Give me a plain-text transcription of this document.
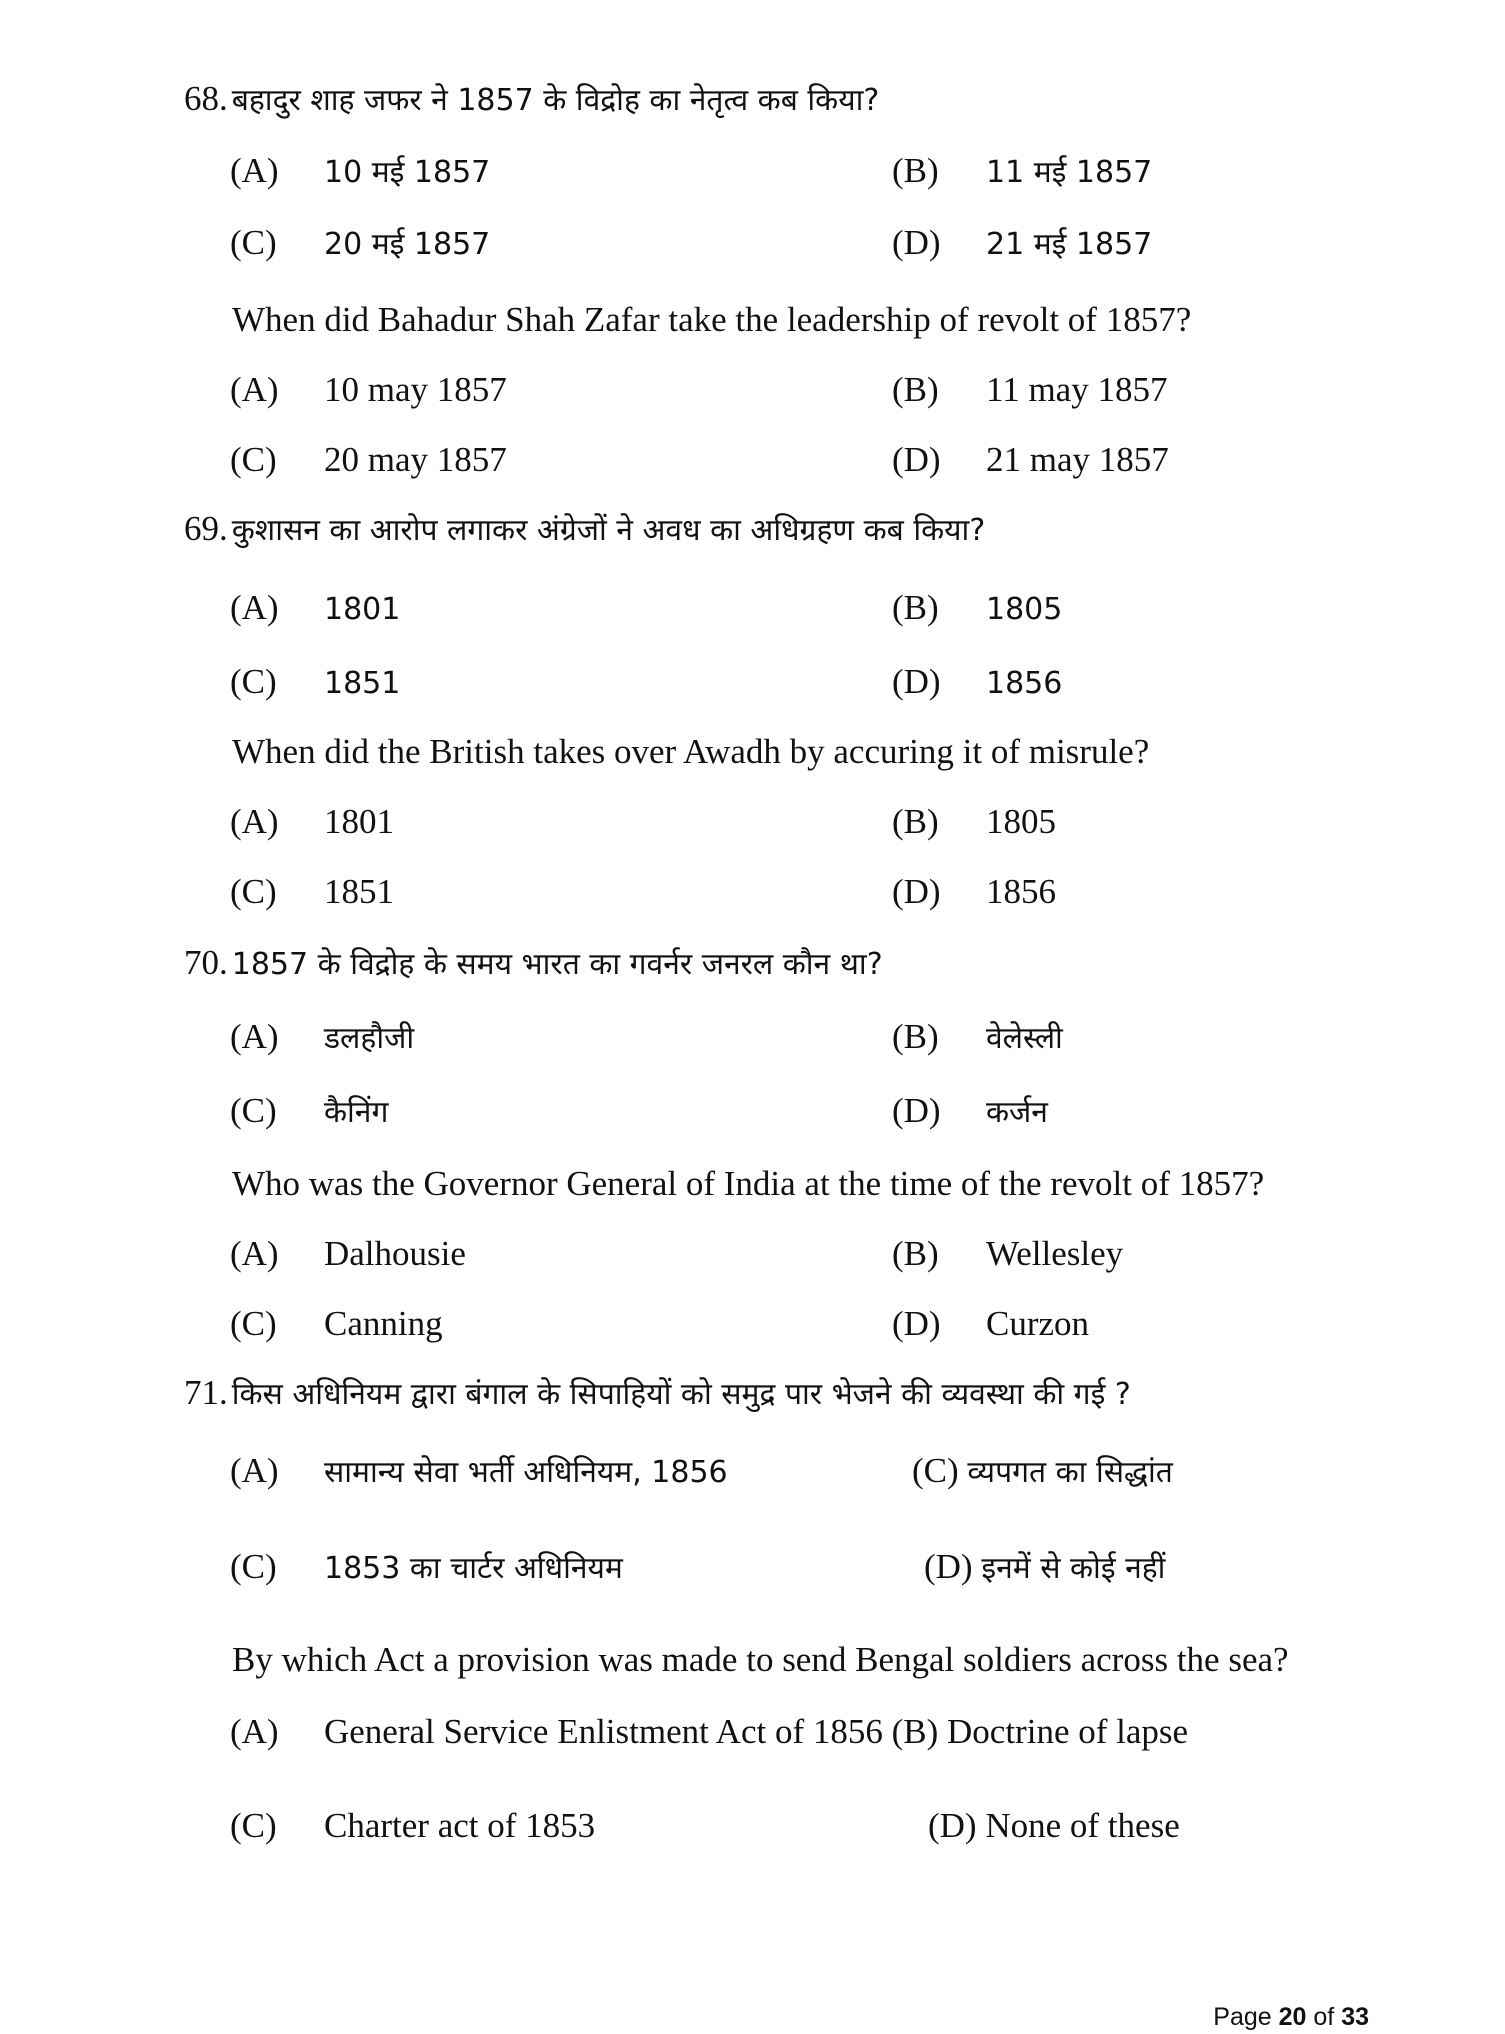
68. बहादुर शाह जफर ने 1857 के विद्रोह का नेतृत्व कब किया?
(A) 10 मई 1857	(B) 11 मई 1857
(C) 20 मई 1857	(D) 21 मई 1857
When did Bahadur Shah Zafar take the leadership of revolt of 1857?
(A) 10 may 1857	(B) 11 may 1857
(C) 20 may 1857	(D) 21 may 1857
69. कुशासन का आरोप लगाकर अंग्रेजों ने अवध का अधिग्रहण कब किया?
(A) 1801	(B) 1805
(C) 1851	(D) 1856
When did the British takes over Awadh by accuring it of misrule?
(A) 1801	(B) 1805
(C) 1851	(D) 1856
70. 1857 के विद्रोह के समय भारत का गवर्नर जनरल कौन था?
(A) डलहौजी	(B) वेलेस्ली
(C) कैनिंग	(D) कर्जन
Who was the Governor General of India at the time of the revolt of 1857?
(A) Dalhousie	(B) Wellesley
(C) Canning	(D) Curzon
71. किस अधिनियम द्वारा बंगाल के सिपाहियों को समुद्र पार भेजने की व्यवस्था की गई ?
(A) सामान्य सेवा भर्ती अधिनियम, 1856	(C) व्यपगत का सिद्धांत
(C) 1853 का चार्टर अधिनियम	(D) इनमें से कोई नहीं
By which Act a provision was made to send Bengal soldiers across the sea?
(A) General Service Enlistment Act of 1856 (B) Doctrine of lapse
(C) Charter act of 1853	(D) None of these
Page 20 of 33
